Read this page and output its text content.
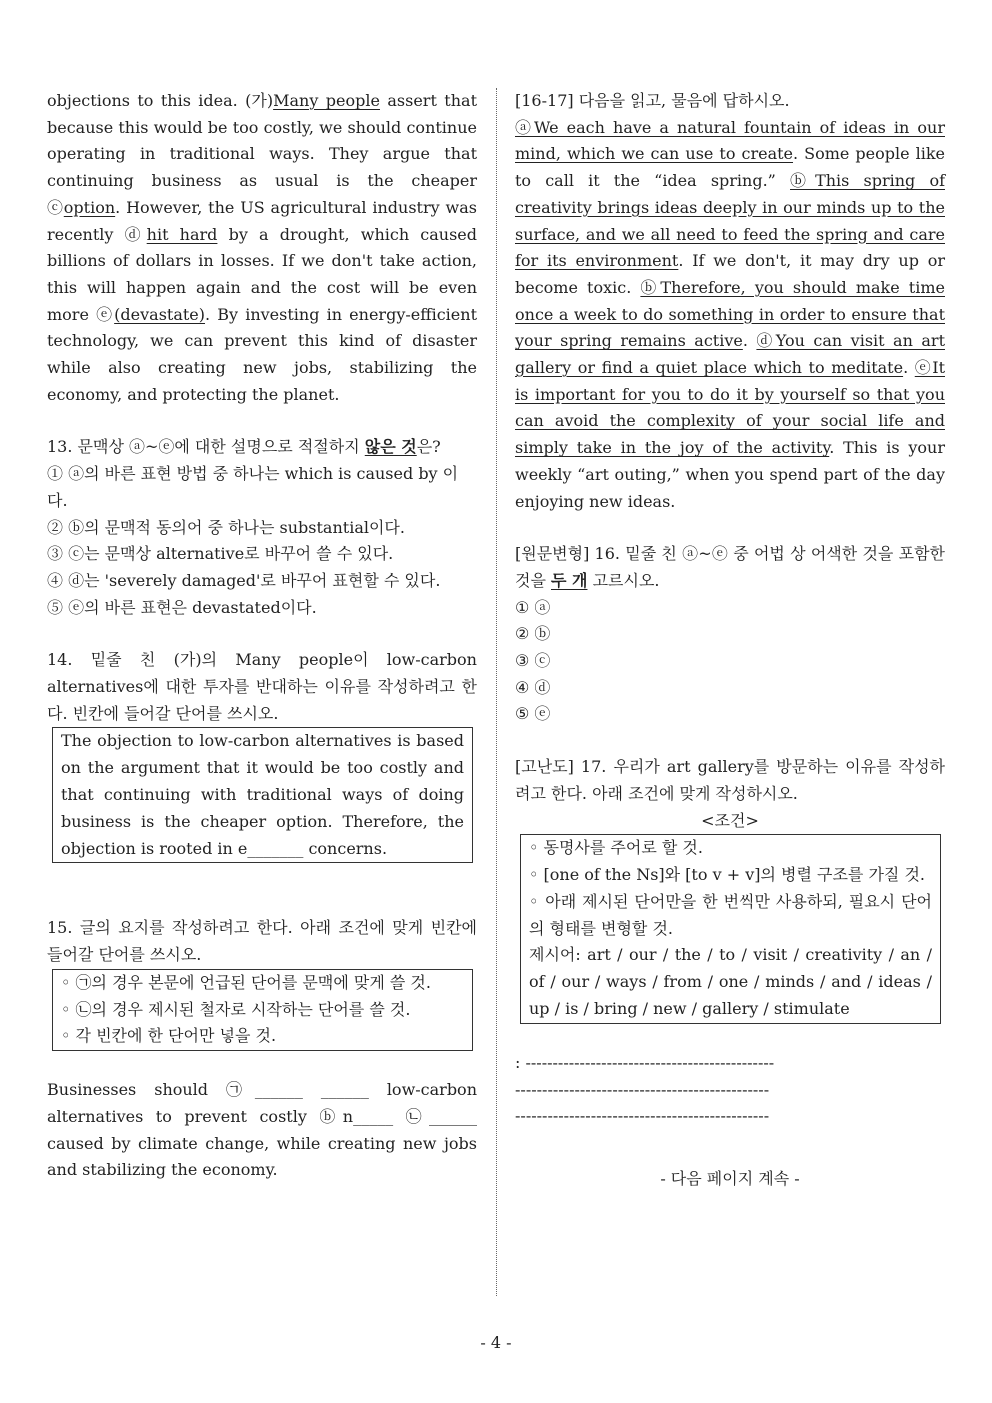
objections to this idea. (가)Many people assert that because this would be too costly, we should continue operating in traditional ways. They argue that continuing business as usual is the cheaper ⓒoption. However, the US agricultural industry was recently ⓓhit hard by a drought, which caused billions of dollars in losses. If we don't take action, this will happen again and the cost will be even more ⓔ(devastate). By investing in energy-efficient technology, we can prevent this kind of disaster while also creating new jobs, stabilizing the economy, and protecting the planet.

13. 문맥상 ⓐ~ⓔ에 대한 설명으로 적절하지 않은 것은?

① ⓐ의 바른 표현 방법 중 하나는 which is caused by 이다.

② ⓑ의 문맥적 동의어 중 하나는 substantial이다.

③ ⓒ는 문맥상 alternative로 바꾸어 쓸 수 있다.

④ ⓓ는 'severely damaged'로 바꾸어 표현할 수 있다.

⑤ ⓔ의 바른 표현은 devastated이다.

14. 밑줄 친 (가)의 Many people이 low-carbon alternatives에 대한 투자를 반대하는 이유를 작성하려고 한다. 빈칸에 들어갈 단어를 쓰시오.

The objection to low-carbon alternatives is based on the argument that it would be too costly and that continuing with traditional ways of doing business is the cheaper option. Therefore, the objection is rooted in e_______ concerns.

15. 글의 요지를 작성하려고 한다. 아래 조건에 맞게 빈칸에 들어갈 단어를 쓰시오.

◦ ㉠의 경우 본문에 언급된 단어를 문맥에 맞게 쓸 것.

◦ ㉡의 경우 제시된 철자로 시작하는 단어를 쓸 것.

◦ 각 빈칸에 한 단어만 넣을 것.

Businesses should ㉠______ ______ low-carbon alternatives to prevent costly ⓑn_____ ㉡______ caused by climate change, while creating new jobs and stabilizing the economy.

[16-17] 다음을 읽고, 물음에 답하시오.

ⓐWe each have a natural fountain of ideas in our mind, which we can use to create. Some people like to call it the “idea spring.” ⓑThis spring of creativity brings ideas deeply in our minds up to the surface, and we all need to feed the spring and care for its environment. If we don't, it may dry up or become toxic. ⓑTherefore, you should make time once a week to do something in order to ensure that your spring remains active. ⓓYou can visit an art gallery or find a quiet place which to meditate. ⓔIt is important for you to do it by yourself so that you can avoid the complexity of your social life and simply take in the joy of the activity. This is your weekly “art outing,” when you spend part of the day enjoying new ideas.

[원문변형] 16. 밑줄 친 ⓐ~ⓔ 중 어법 상 어색한 것을 포함한 것을 두 개 고르시오.

① ⓐ

② ⓑ

③ ⓒ

④ ⓓ

⑤ ⓔ

[고난도] 17. 우리가 art gallery를 방문하는 이유를 작성하려고 한다. 아래 조건에 맞게 작성하시오.

<조건>

◦ 동명사를 주어로 할 것.

◦ [one of the Ns]와 [to v + v]의 병렬 구조를 가질 것.

◦ 아래 제시된 단어만을 한 번씩만 사용하되, 필요시 단어의 형태를 변형할 것.

제시어: art / our / the / to / visit / creativity / an / of / our / ways / from / one / minds / and / ideas / up / is / bring / new / gallery / stimulate

: ----------------------------------------------

-----------------------------------------------

-----------------------------------------------

- 다음 페이지 계속 -

- 4 -
